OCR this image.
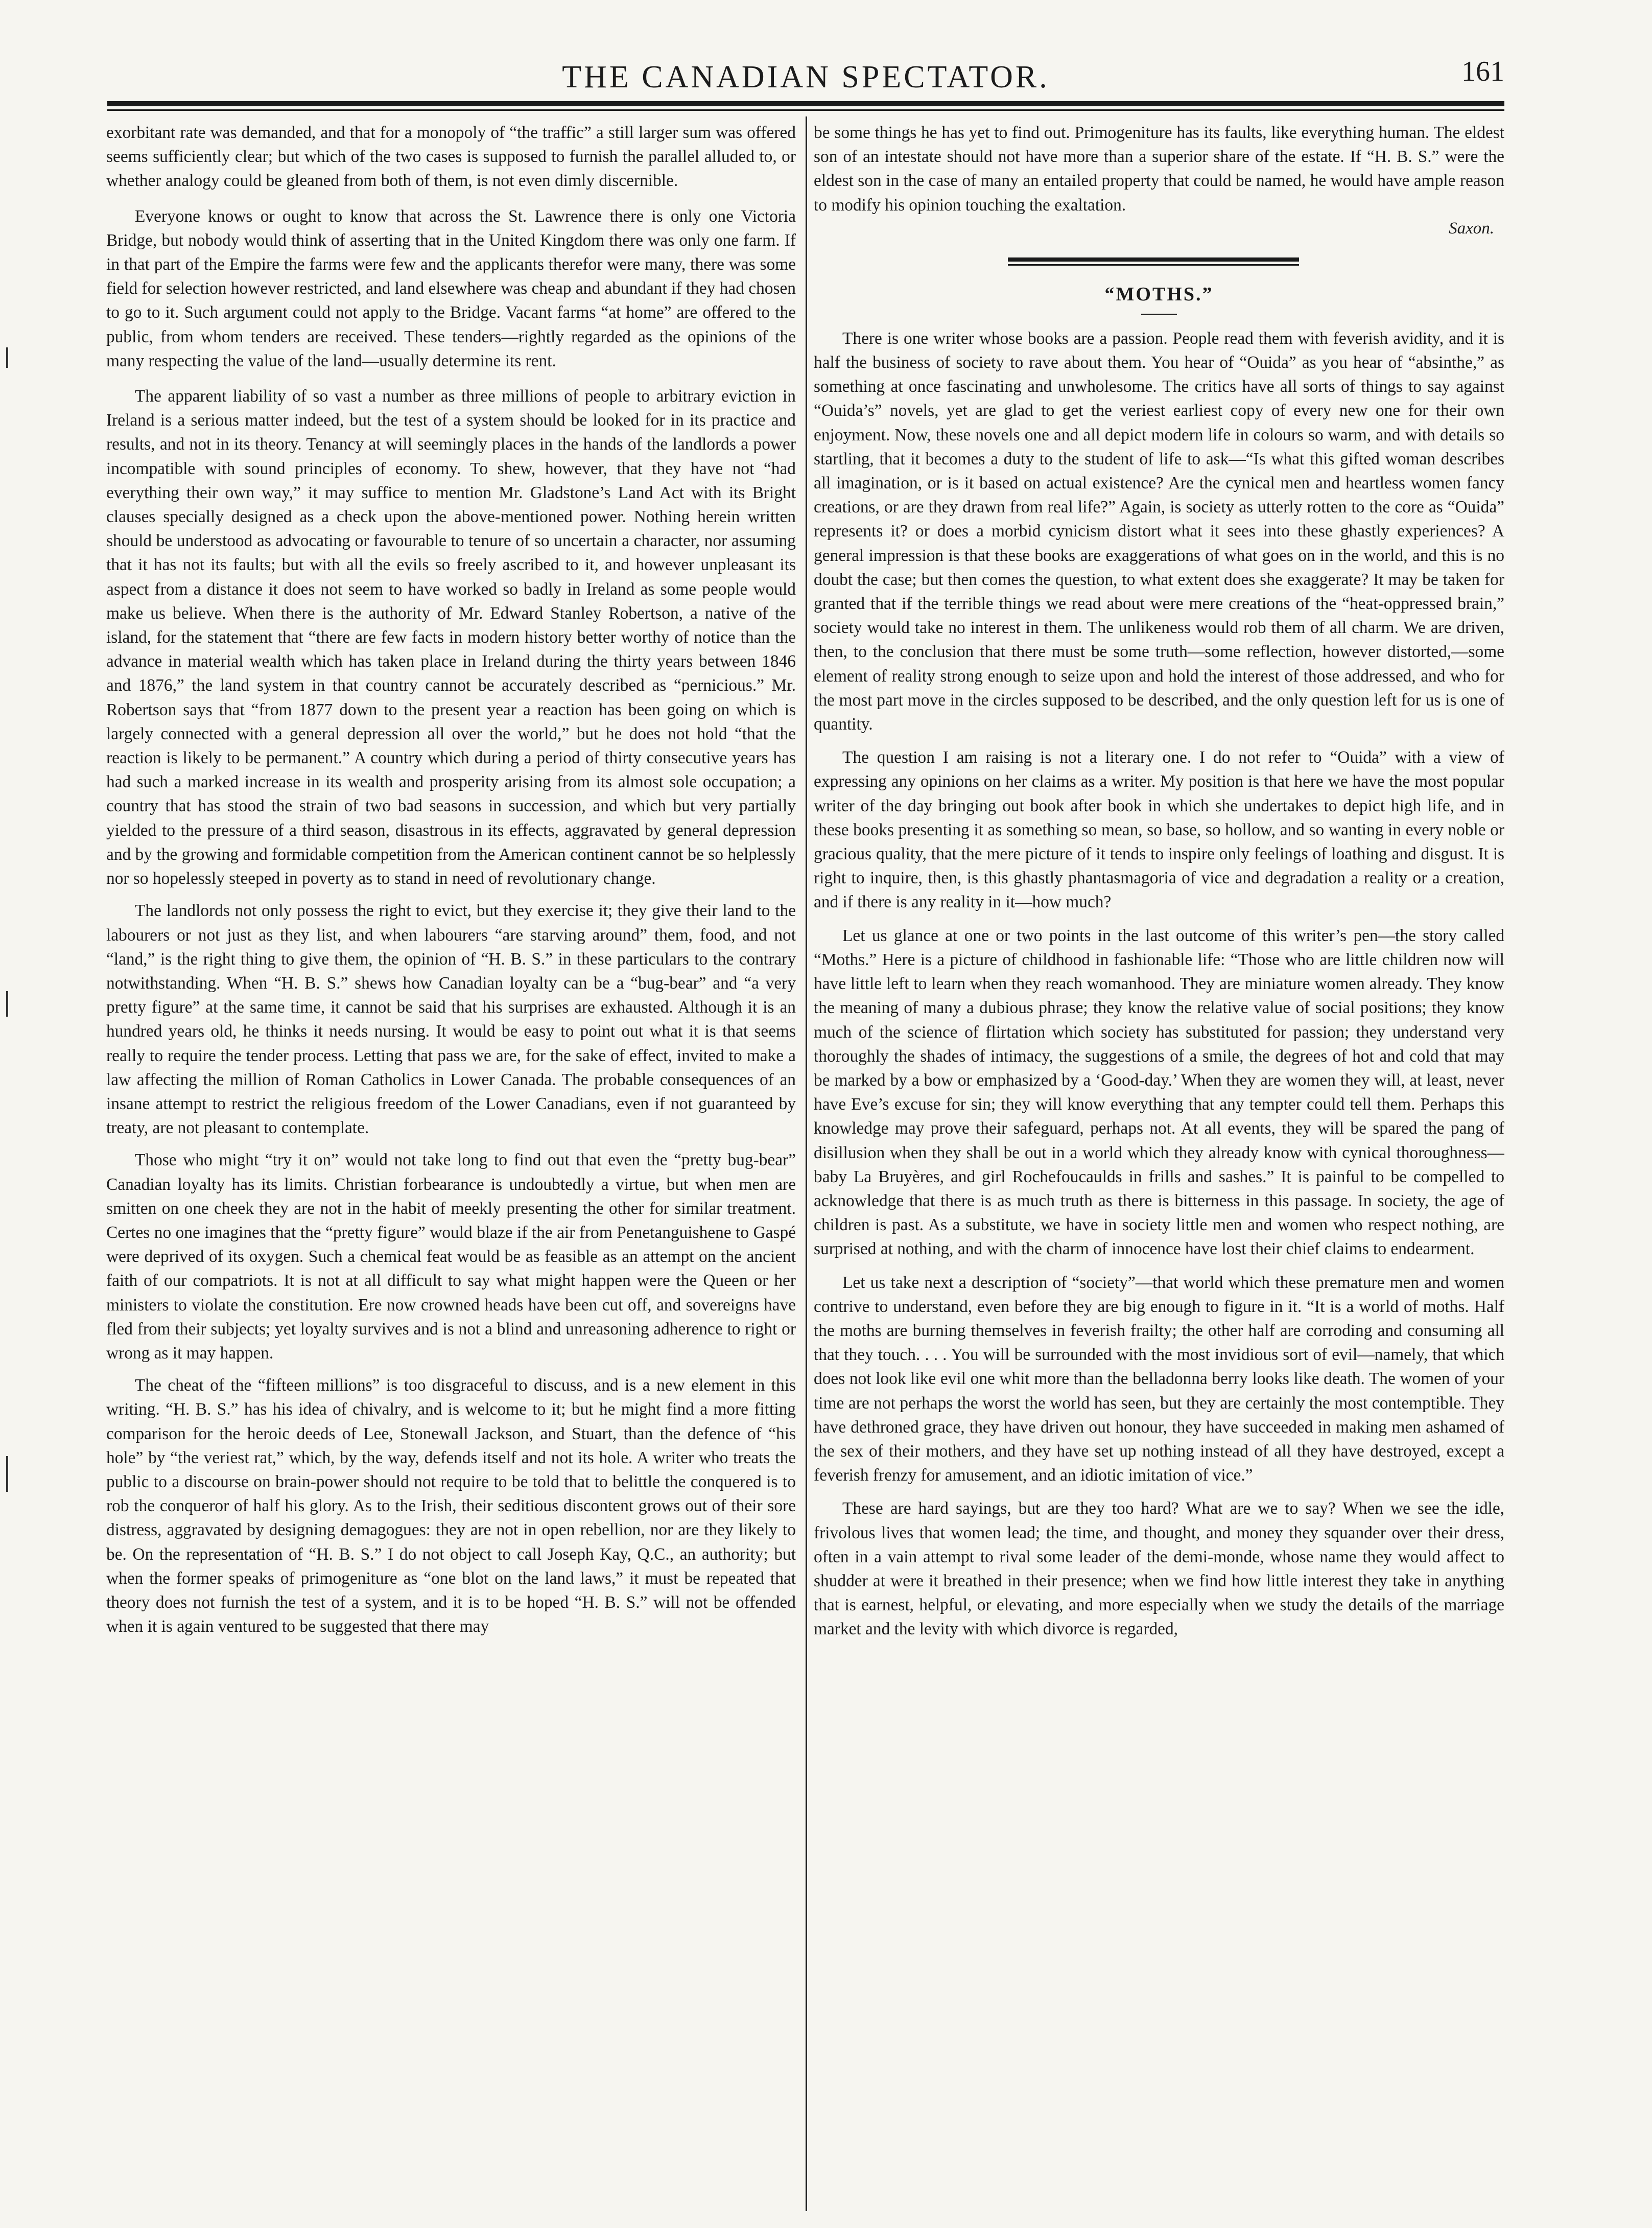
THE CANADIAN SPECTATOR.	161

exorbitant rate was demanded, and that for a monopoly of “the traffic” a still larger sum was offered seems sufficiently clear; but which of the two cases is supposed to furnish the parallel alluded to, or whether analogy could be gleaned from both of them, is not even dimly discernible.

Everyone knows or ought to know that across the St. Lawrence there is only one Victoria Bridge, but nobody would think of asserting that in the United Kingdom there was only one farm. If in that part of the Empire the farms were few and the applicants therefor were many, there was some field for selection however restricted, and land elsewhere was cheap and abundant if they had chosen to go to it. Such argument could not apply to the Bridge. Vacant farms “at home” are offered to the public, from whom tenders are received. These tenders—rightly regarded as the opinions of the many respecting the value of the land—usually determine its rent.

The apparent liability of so vast a number as three millions of people to arbitrary eviction in Ireland is a serious matter indeed, but the test of a system should be looked for in its practice and results, and not in its theory. Tenancy at will seemingly places in the hands of the landlords a power incompatible with sound principles of economy. To shew, however, that they have not “had everything their own way,” it may suffice to mention Mr. Gladstone’s Land Act with its Bright clauses specially designed as a check upon the above-mentioned power. Nothing herein written should be understood as advocating or favourable to tenure of so uncertain a character, nor assuming that it has not its faults; but with all the evils so freely ascribed to it, and however unpleasant its aspect from a distance it does not seem to have worked so badly in Ireland as some people would make us believe. When there is the authority of Mr. Edward Stanley Robertson, a native of the island, for the statement that “there are few facts in modern history better worthy of notice than the advance in material wealth which has taken place in Ireland during the thirty years between 1846 and 1876,” the land system in that country cannot be accurately described as “pernicious.” Mr. Robertson says that “from 1877 down to the present year a reaction has been going on which is largely connected with a general depression all over the world,” but he does not hold “that the reaction is likely to be permanent.” A country which during a period of thirty consecutive years has had such a marked increase in its wealth and prosperity arising from its almost sole occupation; a country that has stood the strain of two bad seasons in succession, and which but very partially yielded to the pressure of a third season, disastrous in its effects, aggravated by general depression and by the growing and formidable competition from the American continent cannot be so helplessly nor so hopelessly steeped in poverty as to stand in need of revolutionary change.

The landlords not only possess the right to evict, but they exercise it; they give their land to the labourers or not just as they list, and when labourers “are starving around” them, food, and not “land,” is the right thing to give them, the opinion of “H. B. S.” in these particulars to the contrary notwithstanding. When “H. B. S.” shews how Canadian loyalty can be a “bug-bear” and “a very pretty figure” at the same time, it cannot be said that his surprises are exhausted. Although it is an hundred years old, he thinks it needs nursing. It would be easy to point out what it is that seems really to require the tender process. Letting that pass we are, for the sake of effect, invited to make a law affecting the million of Roman Catholics in Lower Canada. The probable consequences of an insane attempt to restrict the religious freedom of the Lower Canadians, even if not guaranteed by treaty, are not pleasant to contemplate.

Those who might “try it on” would not take long to find out that even the “pretty bug-bear” Canadian loyalty has its limits. Christian forbearance is undoubtedly a virtue, but when men are smitten on one cheek they are not in the habit of meekly presenting the other for similar treatment. Certes no one imagines that the “pretty figure” would blaze if the air from Penetanguishene to Gaspé were deprived of its oxygen. Such a chemical feat would be as feasible as an attempt on the ancient faith of our compatriots. It is not at all difficult to say what might happen were the Queen or her ministers to violate the constitution. Ere now crowned heads have been cut off, and sovereigns have fled from their subjects; yet loyalty survives and is not a blind and unreasoning adherence to right or wrong as it may happen.

The cheat of the “fifteen millions” is too disgraceful to discuss, and is a new element in this writing. “H. B. S.” has his idea of chivalry, and is welcome to it; but he might find a more fitting comparison for the heroic deeds of Lee, Stonewall Jackson, and Stuart, than the defence of “his hole” by “the veriest rat,” which, by the way, defends itself and not its hole. A writer who treats the public to a discourse on brain-power should not require to be told that to belittle the conquered is to rob the conqueror of half his glory. As to the Irish, their seditious discontent grows out of their sore distress, aggravated by designing demagogues: they are not in open rebellion, nor are they likely to be. On the representation of “H. B. S.” I do not object to call Joseph Kay, Q.C., an authority; but when the former speaks of primogeniture as “one blot on the land laws,” it must be repeated that theory does not furnish the test of a system, and it is to be hoped “H. B. S.” will not be offended when it is again ventured to be suggested that there may

be some things he has yet to find out. Primogeniture has its faults, like everything human. The eldest son of an intestate should not have more than a superior share of the estate. If “H. B. S.” were the eldest son in the case of many an entailed property that could be named, he would have ample reason to modify his opinion touching the exaltation.

Saxon.
“MOTHS.”

There is one writer whose books are a passion. People read them with feverish avidity, and it is half the business of society to rave about them. You hear of “Ouida” as you hear of “absinthe,” as something at once fascinating and unwholesome. The critics have all sorts of things to say against “Ouida’s” novels, yet are glad to get the veriest earliest copy of every new one for their own enjoyment. Now, these novels one and all depict modern life in colours so warm, and with details so startling, that it becomes a duty to the student of life to ask—“Is what this gifted woman describes all imagination, or is it based on actual existence? Are the cynical men and heartless women fancy creations, or are they drawn from real life?” Again, is society as utterly rotten to the core as “Ouida” represents it? or does a morbid cynicism distort what it sees into these ghastly experiences? A general impression is that these books are exaggerations of what goes on in the world, and this is no doubt the case; but then comes the question, to what extent does she exaggerate? It may be taken for granted that if the terrible things we read about were mere creations of the “heat-oppressed brain,” society would take no interest in them. The unlikeness would rob them of all charm. We are driven, then, to the conclusion that there must be some truth—some reflection, however distorted,—some element of reality strong enough to seize upon and hold the interest of those addressed, and who for the most part move in the circles supposed to be described, and the only question left for us is one of quantity.

The question I am raising is not a literary one. I do not refer to “Ouida” with a view of expressing any opinions on her claims as a writer. My position is that here we have the most popular writer of the day bringing out book after book in which she undertakes to depict high life, and in these books presenting it as something so mean, so base, so hollow, and so wanting in every noble or gracious quality, that the mere picture of it tends to inspire only feelings of loathing and disgust. It is right to inquire, then, is this ghastly phantasmagoria of vice and degradation a reality or a creation, and if there is any reality in it—how much?

Let us glance at one or two points in the last outcome of this writer’s pen—the story called “Moths.” Here is a picture of childhood in fashionable life: “Those who are little children now will have little left to learn when they reach womanhood. They are miniature women already. They know the meaning of many a dubious phrase; they know the relative value of social positions; they know much of the science of flirtation which society has substituted for passion; they understand very thoroughly the shades of intimacy, the suggestions of a smile, the degrees of hot and cold that may be marked by a bow or emphasized by a ‘Good-day.’ When they are women they will, at least, never have Eve’s excuse for sin; they will know everything that any tempter could tell them. Perhaps this knowledge may prove their safeguard, perhaps not. At all events, they will be spared the pang of disillusion when they shall be out in a world which they already know with cynical thoroughness—baby La Bruyères, and girl Rochefoucaulds in frills and sashes.” It is painful to be compelled to acknowledge that there is as much truth as there is bitterness in this passage. In society, the age of children is past. As a substitute, we have in society little men and women who respect nothing, are surprised at nothing, and with the charm of innocence have lost their chief claims to endearment.

Let us take next a description of “society”—that world which these premature men and women contrive to understand, even before they are big enough to figure in it. “It is a world of moths. Half the moths are burning themselves in feverish frailty; the other half are corroding and consuming all that they touch. . . . You will be surrounded with the most invidious sort of evil—namely, that which does not look like evil one whit more than the belladonna berry looks like death. The women of your time are not perhaps the worst the world has seen, but they are certainly the most contemptible. They have dethroned grace, they have driven out honour, they have succeeded in making men ashamed of the sex of their mothers, and they have set up nothing instead of all they have destroyed, except a feverish frenzy for amusement, and an idiotic imitation of vice.”

These are hard sayings, but are they too hard? What are we to say? When we see the idle, frivolous lives that women lead; the time, and thought, and money they squander over their dress, often in a vain attempt to rival some leader of the demi-monde, whose name they would affect to shudder at were it breathed in their presence; when we find how little interest they take in anything that is earnest, helpful, or elevating, and more especially when we study the details of the marriage market and the levity with which divorce is regarded,
